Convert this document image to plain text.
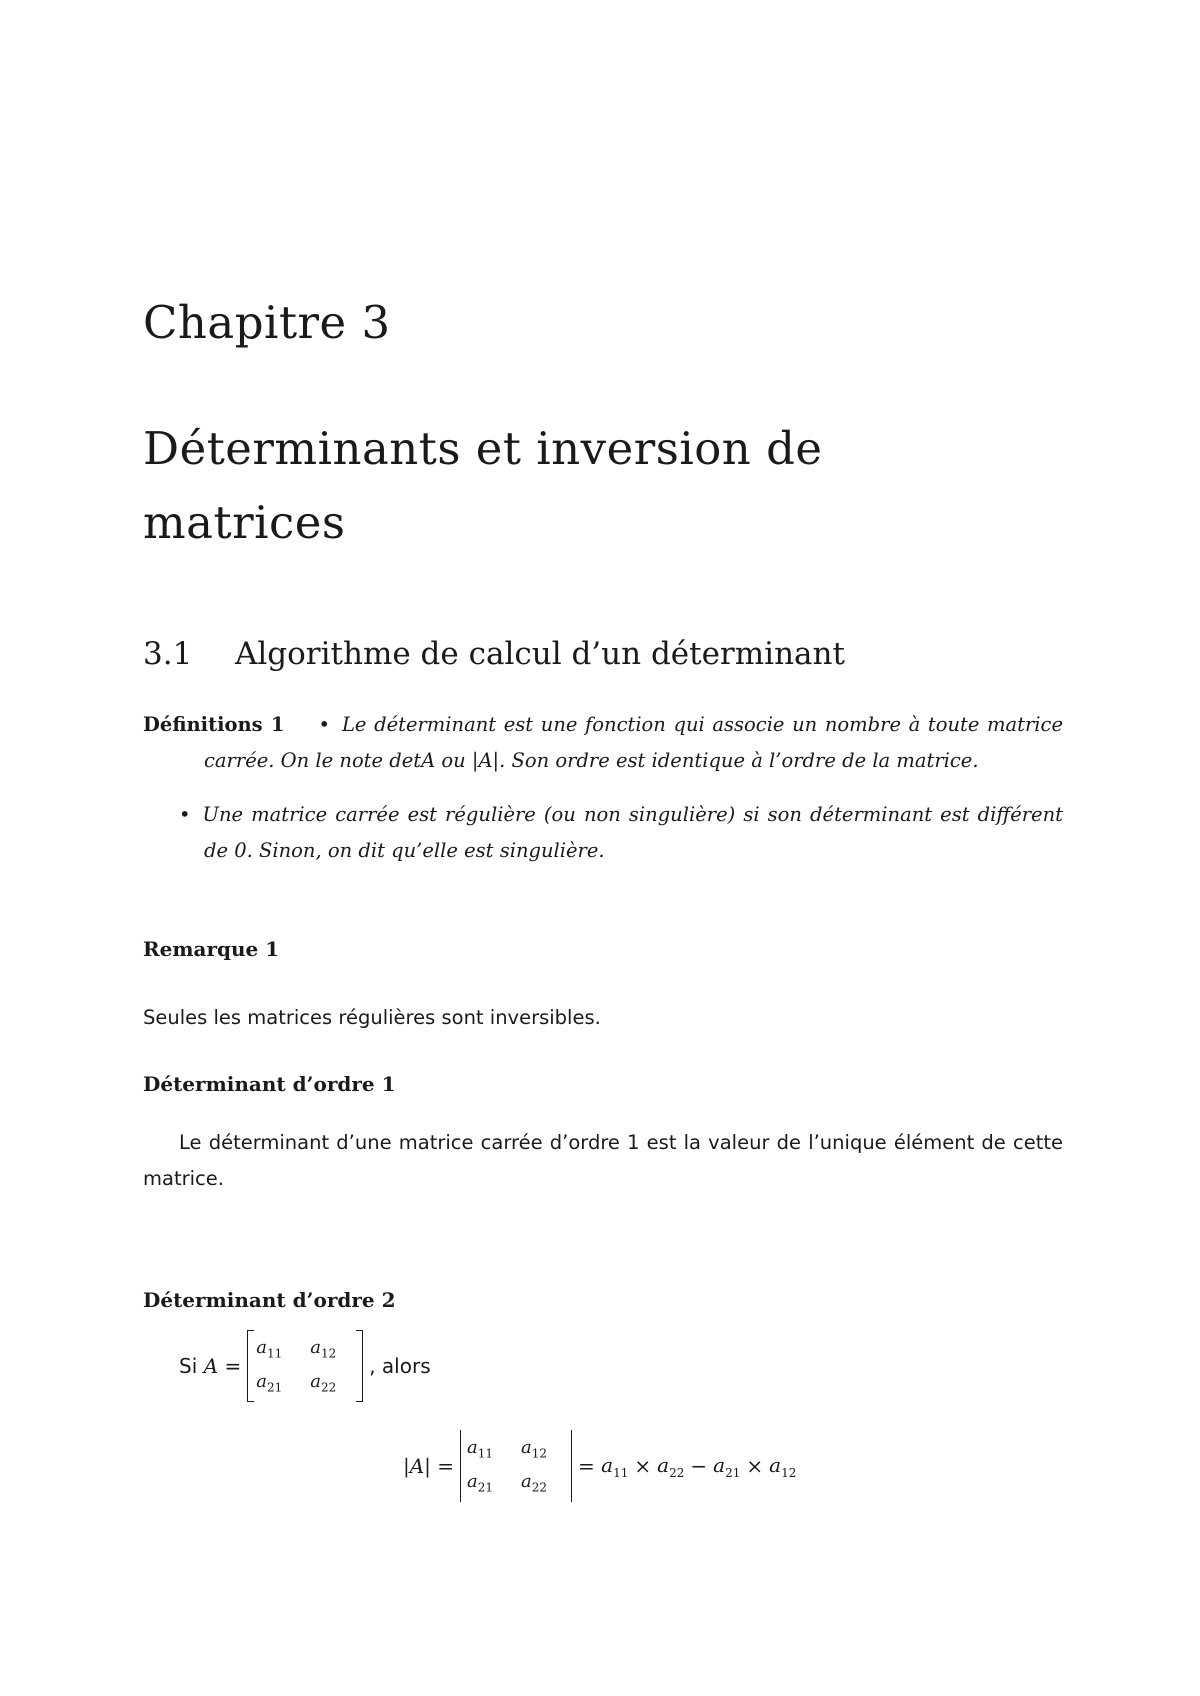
Chapitre 3
Déterminants et inversion de matrices
3.1	Algorithme de calcul d’un déterminant
Définitions 1 • Le déterminant est une fonction qui associe un nombre à toute matrice carrée. On le note detA ou |A|. Son ordre est identique à l’ordre de la matrice.
• Une matrice carrée est régulière (ou non singulière) si son déterminant est différent de 0. Sinon, on dit qu’elle est singulière.
Remarque 1
Seules les matrices régulières sont inversibles.
Déterminant d’ordre 1
Le déterminant d’une matrice carrée d’ordre 1 est la valeur de l’unique élément de cette matrice.
Déterminant d’ordre 2
Si
A
=
$a_{11}$	$a_{12}$
$a_{21}$	$a_{22}$
, alors
|A|
=
$a_{11}$	$a_{12}$
$a_{21}$	$a_{22}$
=
$a_{11} \times a_{22} - a_{21} \times a_{12}$
